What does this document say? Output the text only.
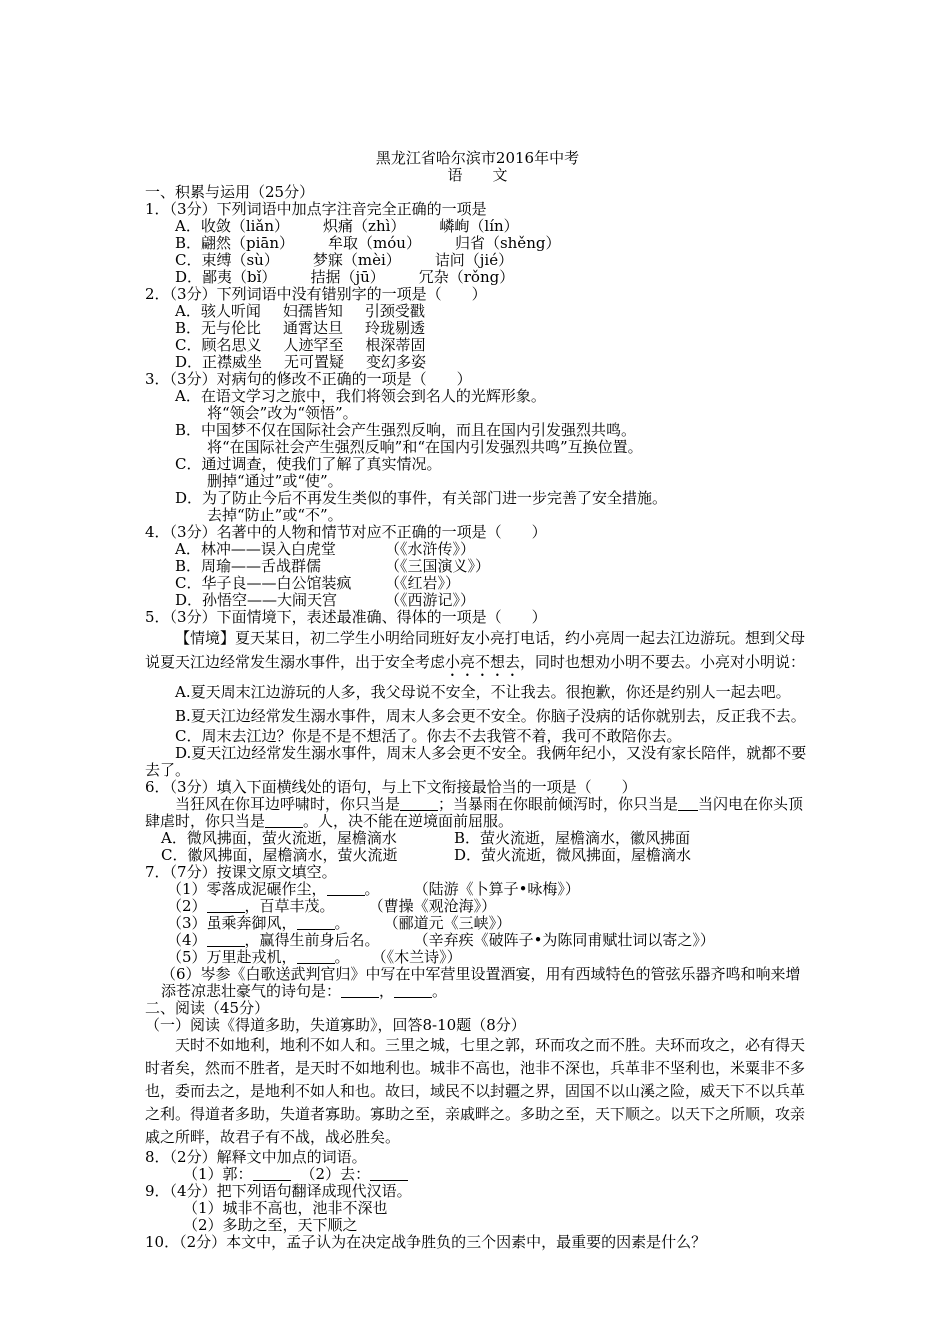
黑龙江省哈尔滨市2016年中考
语文
一、积累与运用（25分）
1．（3分）下列词语中加点字注音完全正确的一项是
A．收敛（liǎn） 炽痛（zhì） 嶙峋（lín）
B．翩然（piān） 牟取（móu） 归省（shěng）
C．束缚（sù） 梦寐（mèi） 诘问（jié）
D．鄙夷（bǐ） 拮据（jū） 冗杂（rǒng）
2．（3分）下列词语中没有错别字的一项是（　　）
A．骇人听闻 妇孺皆知 引颈受戳
B．无与伦比 通霄达旦 玲珑剔透
C．顾名思义 人迹罕至 根深蒂固
D．正襟威坐 无可置疑 变幻多姿
3．（3分）对病句的修改不正确的一项是（　　）
A．在语文学习之旅中，我们将领会到名人的光辉形象。
将“领会”改为“领悟”。
B．中国梦不仅在国际社会产生强烈反响，而且在国内引发强烈共鸣。
将“在国际社会产生强烈反响”和“在国内引发强烈共鸣”互换位置。
C．通过调查，使我们了解了真实情况。
删掉“通过”或“使”。
D．为了防止今后不再发生类似的事件，有关部门进一步完善了安全措施。
去掉“防止”或“不”。
4．（3分）名著中的人物和情节对应不正确的一项是（　　）
A．林冲——误入白虎堂	（《水浒传》）
B．周瑜——舌战群儒	（《三国演义》）
C．华子良——白公馆装疯 （《红岩》）
D．孙悟空——大闹天宫	（《西游记》）
5．（3分）下面情境下，表述最准确、得体的一项是（　　）
【情境】夏天某日，初二学生小明给同班好友小亮打电话，约小亮周一起去江边游玩。想到父母说夏天江边经常发生溺水事件，出于安全考虑小亮不想去，同时也想劝小明不要去。小亮对小明说：
A.夏天周末江边游玩的人多，我父母说不安全，不让我去。很抱歉，你还是约别人一起去吧。
B.夏天江边经常发生溺水事件，周末人多会更不安全。你脑子没病的话你就别去，反正我不去。
C．周末去江边？你是不是不想活了。你去不去我管不着，我可不敢陪你去。
D.夏天江边经常发生溺水事件，周末人多会更不安全。我俩年纪小，又没有家长陪伴，就都不要去了。
6．（3分）填入下面横线处的语句，与上下文衔接最恰当的一项是（　　）
当狂风在你耳边呼啸时，你只当是	；当暴雨在你眼前倾泻时，你只当是 当闪电在你头顶肆虐时，你只当是	。人，决不能在逆境面前屈服。
A．微风拂面，萤火流逝，屋檐滴水	B．萤火流逝，屋檐滴水，徽风拂面
C．徽风拂面，屋檐滴水，萤火流逝	D．萤火流逝，微风拂面，屋檐滴水
7．（7分）按课文原文填空。
（1）零落成泥碾作尘，	。 （陆游《卜算子•咏梅》）
（2）	，百草丰茂。 （曹操《观沧海》）
（3）虽乘奔御风，	。 （郦道元《三峡》）
（4）	，赢得生前身后名。 （辛弃疾《破阵子•为陈同甫赋壮词以寄之》）
（5）万里赴戎机，	。 （《木兰诗》）
（6）岑参《白歌送武判官归》中写在中军营里设置酒宴，用有西域特色的管弦乐器齐鸣和响来增添苍凉悲壮豪气的诗句是：	，	。
二、阅读（45分）
（一）阅读《得道多助，失道寡助》，回答8-10题（8分）
天时不如地利，地利不如人和。三里之城，七里之郭，环而攻之而不胜。夫环而攻之，必有得天时者矣，然而不胜者，是天时不如地利也。城非不高也，池非不深也，兵革非不坚利也，米粟非不多也，委而去之，是地利不如人和也。故曰，域民不以封疆之界，固国不以山溪之险，威天下不以兵革之利。得道者多助，失道者寡助。寡助之至，亲戚畔之。多助之至，天下顺之。以天下之所顺，攻亲戚之所畔，故君子有不战，战必胜矣。
8．（2分）解释文中加点的词语。
（1）郭：	（2）去：
9．（4分）把下列语句翻译成现代汉语。
（1）城非不高也，池非不深也
（2）多助之至，天下顺之
10．（2分）本文中，孟子认为在决定战争胜负的三个因素中，最重要的因素是什么？
